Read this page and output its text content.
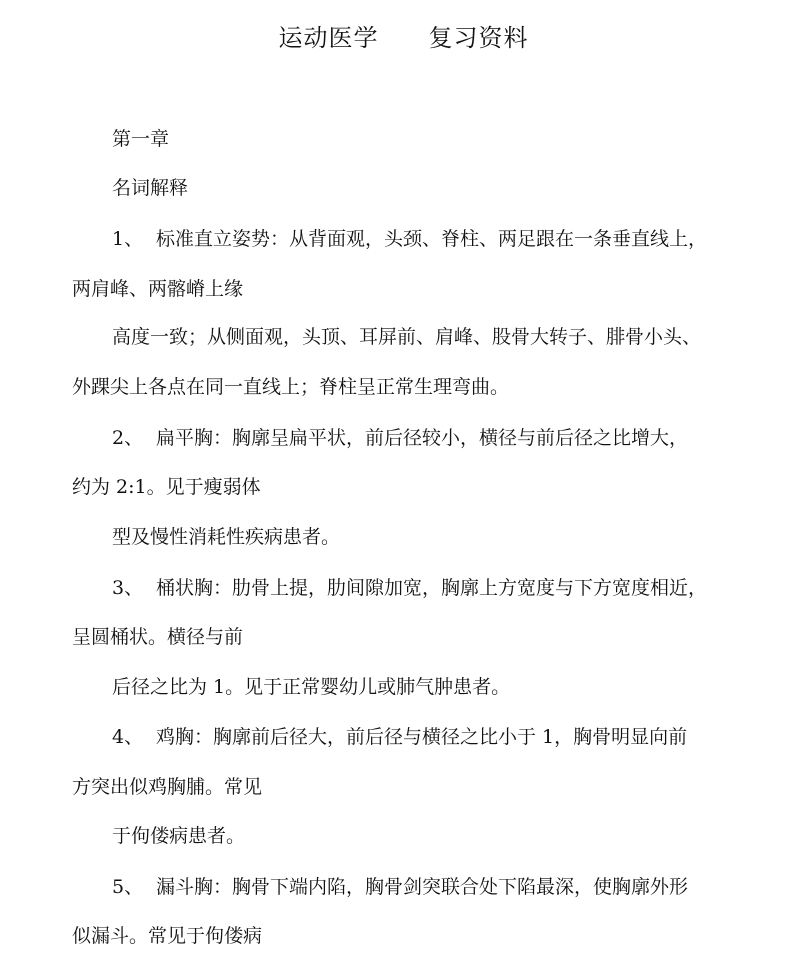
运动医学　　复习资料
第一章
名词解释
1、 标准直立姿势：从背面观，头颈、脊柱、两足跟在一条垂直线上，
两肩峰、两髂嵴上缘
高度一致；从侧面观，头顶、耳屏前、肩峰、股骨大转子、腓骨小头、
外踝尖上各点在同一直线上；脊柱呈正常生理弯曲。
2、 扁平胸：胸廓呈扁平状，前后径较小，横径与前后径之比增大，
约为 2:1。见于瘦弱体
型及慢性消耗性疾病患者。
3、 桶状胸：肋骨上提，肋间隙加宽，胸廓上方宽度与下方宽度相近，
呈圆桶状。横径与前
后径之比为 1。见于正常婴幼儿或肺气肿患者。
4、 鸡胸：胸廓前后径大，前后径与横径之比小于 1，胸骨明显向前
方突出似鸡胸脯。常见
于佝偻病患者。
5、 漏斗胸：胸骨下端内陷，胸骨剑突联合处下陷最深，使胸廓外形
似漏斗。常见于佝偻病
